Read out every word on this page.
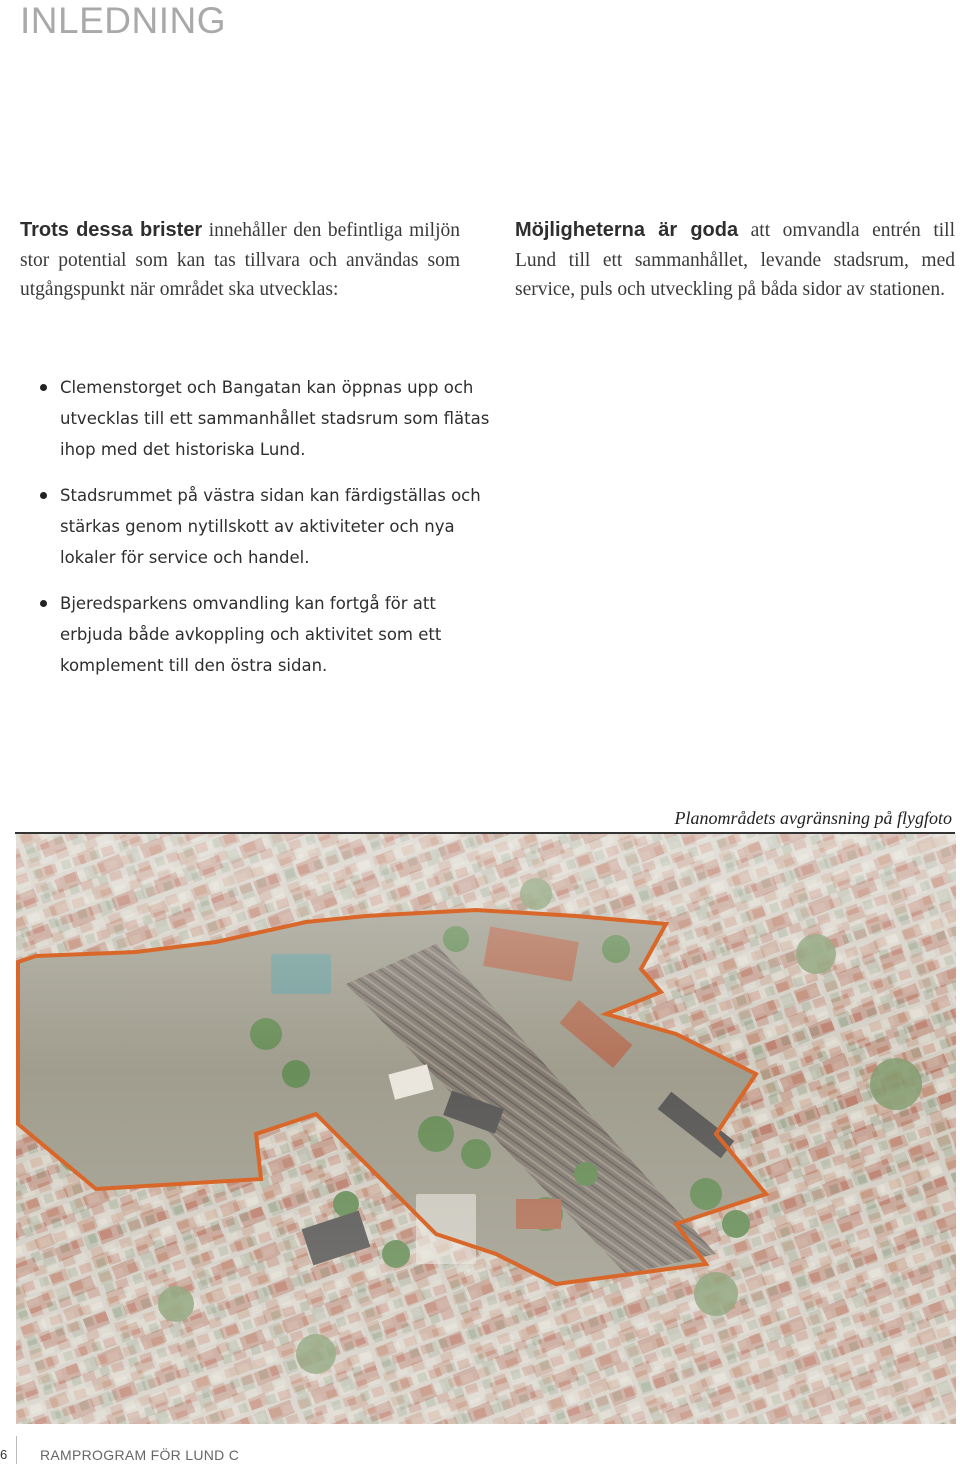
INLEDNING
Trots dessa brister innehåller den befintliga miljön stor potential som kan tas tillvara och användas som utgångspunkt när området ska utvecklas:
Möjligheterna är goda att omvandla entrén till Lund till ett sammanhållet, levande stadsrum, med service, puls och utveckling på båda sidor av stationen.
Clemenstorget och Bangatan kan öppnas upp och utvecklas till ett sammanhållet stadsrum som flätas ihop med det historiska Lund.
Stadsrummet på västra sidan kan färdigställas och stärkas genom nytillskott av aktiviteter och nya lokaler för service och handel.
Bjeredsparkens omvandling kan fortgå för att erbjuda både avkoppling och aktivitet som ett komplement till den östra sidan.
Planområdets avgränsning på flygfoto
6 RAMPROGRAM FÖR LUND C
